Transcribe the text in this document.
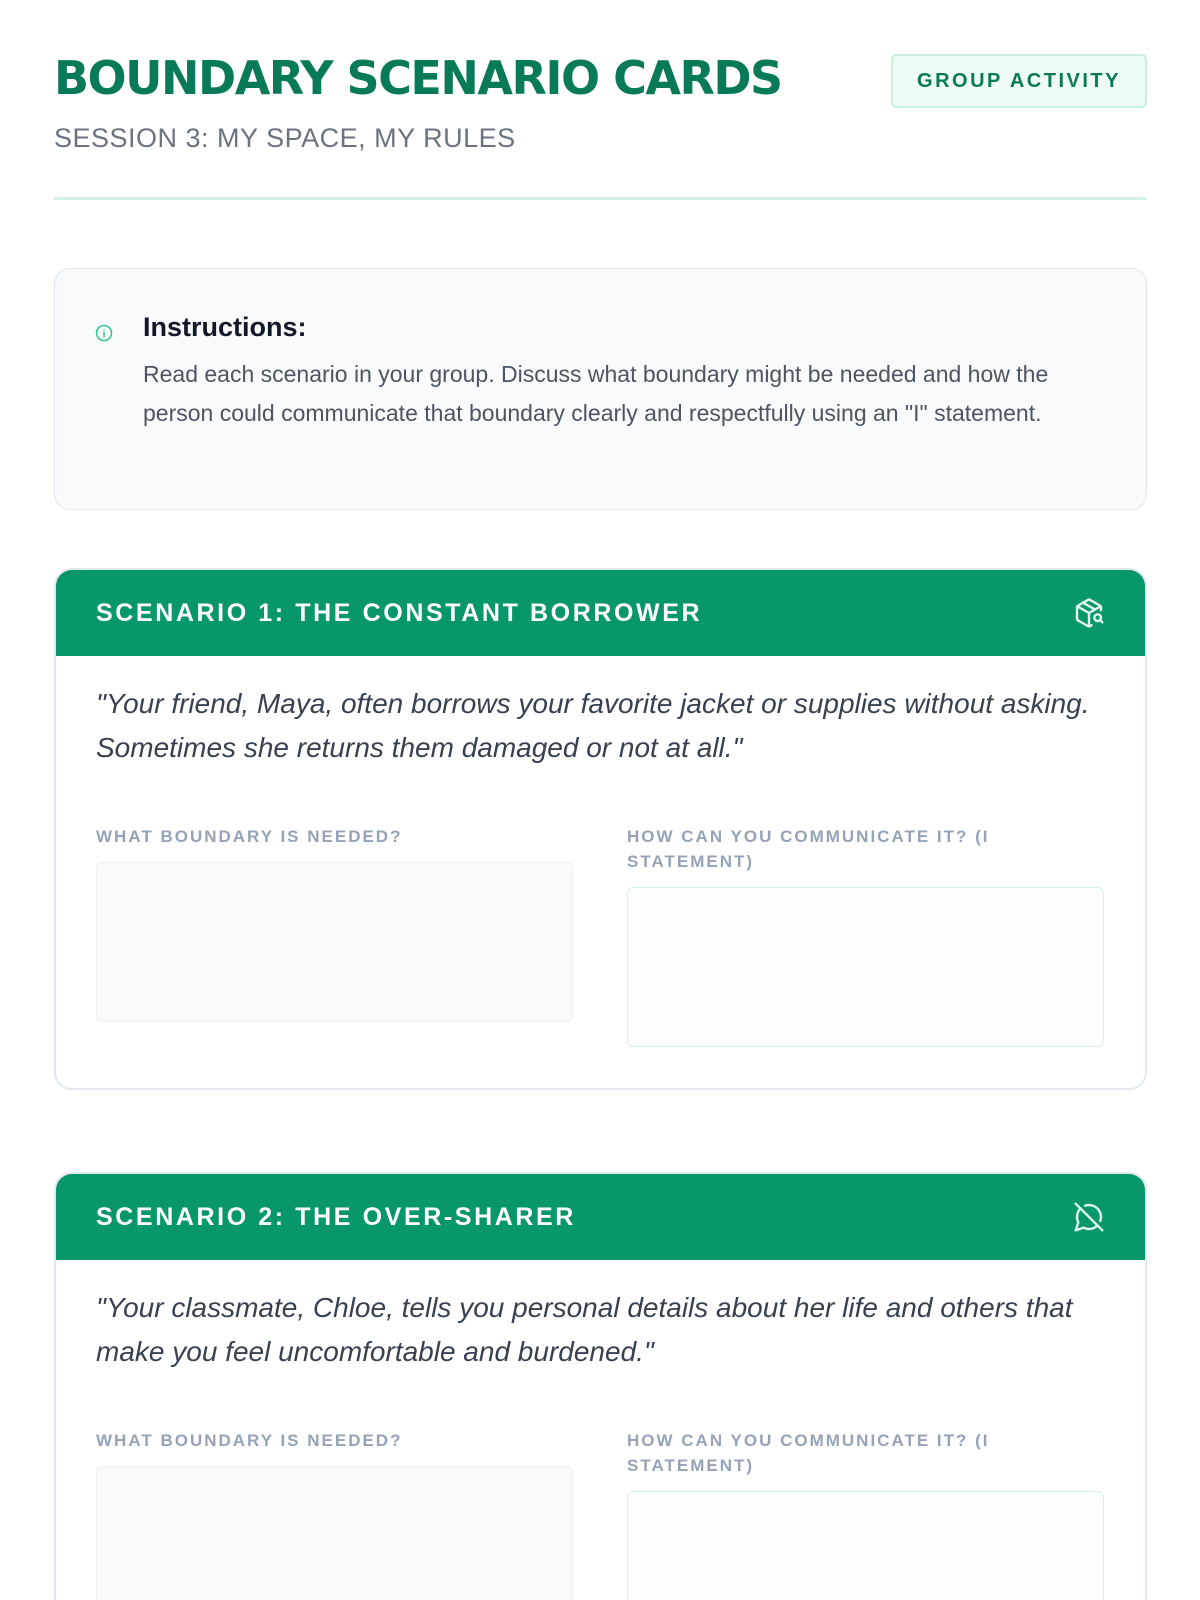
BOUNDARY SCENARIO CARDS
SESSION 3: MY SPACE, MY RULES
GROUP ACTIVITY
Instructions:

Read each scenario in your group. Discuss what boundary might be needed and how the person could communicate that boundary clearly and respectfully using an "I" statement.

SCENARIO 1: THE CONSTANT BORROWER

"Your friend, Maya, often borrows your favorite jacket or supplies without asking. Sometimes she returns them damaged or not at all."

WHAT BOUNDARY IS NEEDED?	HOW CAN YOU COMMUNICATE IT? (I STATEMENT)
SCENARIO 2: THE OVER-SHARER

"Your classmate, Chloe, tells you personal details about her life and others that make you feel uncomfortable and burdened."

WHAT BOUNDARY IS NEEDED?	HOW CAN YOU COMMUNICATE IT? (I STATEMENT)
